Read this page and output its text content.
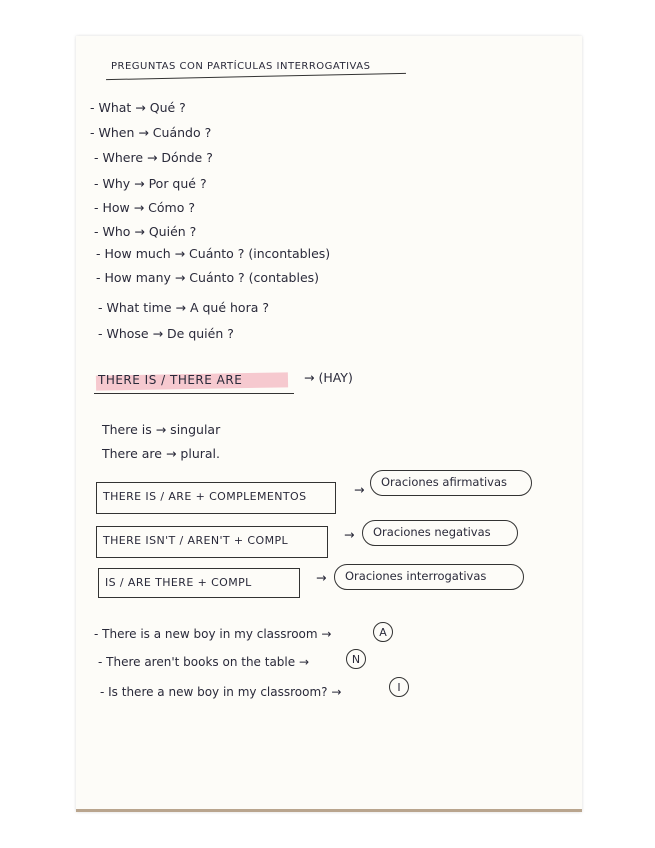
PREGUNTAS CON PARTÍCULAS INTERROGATIVAS
- What → Qué ?
- When → Cuándo ?
- Where → Dónde ?
- Why → Por qué ?
- How → Cómo ?
- Who → Quién ?
- How much → Cuánto ? (incontables)
- How many → Cuánto ? (contables)
- What time → A qué hora ?
- Whose → De quién ?
THERE IS / THERE ARE	→ (HAY)
There is → singular
There are → plural.
THERE IS / ARE + COMPLEMENTOS	→ Oraciones afirmativas
THERE ISN'T / AREN'T + COMPL	→ Oraciones negativas
IS / ARE THERE + COMPL	→ Oraciones interrogativas
- There is a new boy in my classroom →	A
- There aren't books on the table →	N
- Is there a new boy in my classroom? →	I
